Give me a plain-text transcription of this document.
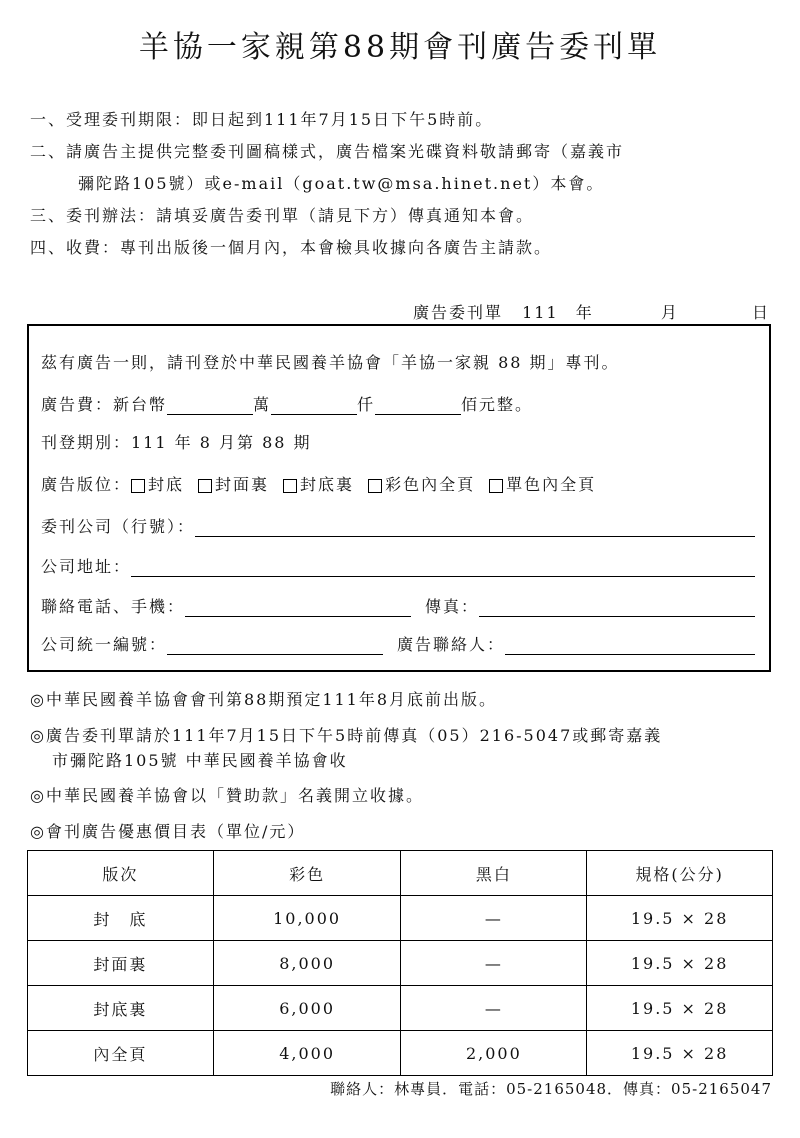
羊協一家親第88期會刊廣告委刊單
一、受理委刊期限：即日起到111年7月15日下午5時前。
二、請廣告主提供完整委刊圖稿樣式，廣告檔案光碟資料敬請郵寄（嘉義市
彌陀路105號）或e-mail（goat.tw@msa.hinet.net）本會。
三、委刊辦法：請填妥廣告委刊單（請見下方）傳真通知本會。
四、收費：專刊出版後一個月內，本會檢具收據向各廣告主請款。
廣告委刊單 111 年	月	日
茲有廣告一則，請刊登於中華民國養羊協會「羊協一家親 88 期」專刊。
廣告費：新台幣	萬	仟	佰元整。
刊登期別：111 年 8 月第 88 期
廣告版位：	封底	封面裏	封底裏	彩色內全頁	單色內全頁
委刊公司（行號）：
公司地址：
聯絡電話、手機：	傳真：
公司統一編號：	廣告聯絡人：
◎中華民國養羊協會會刊第88期預定111年8月底前出版。
◎廣告委刊單請於111年7月15日下午5時前傳真（05）216-5047或郵寄嘉義
市彌陀路105號 中華民國養羊協會收
◎中華民國養羊協會以「贊助款」名義開立收據。
◎會刊廣告優惠價目表（單位/元）
版次	彩色	黑白	規格(公分)
封　底	10,000	—	19.5 × 28
封面裏	8,000	—	19.5 × 28
封底裏	6,000	—	19.5 × 28
內全頁	4,000	2,000	19.5 × 28
聯絡人：林專員．電話：05-2165048．傳真：05-2165047
